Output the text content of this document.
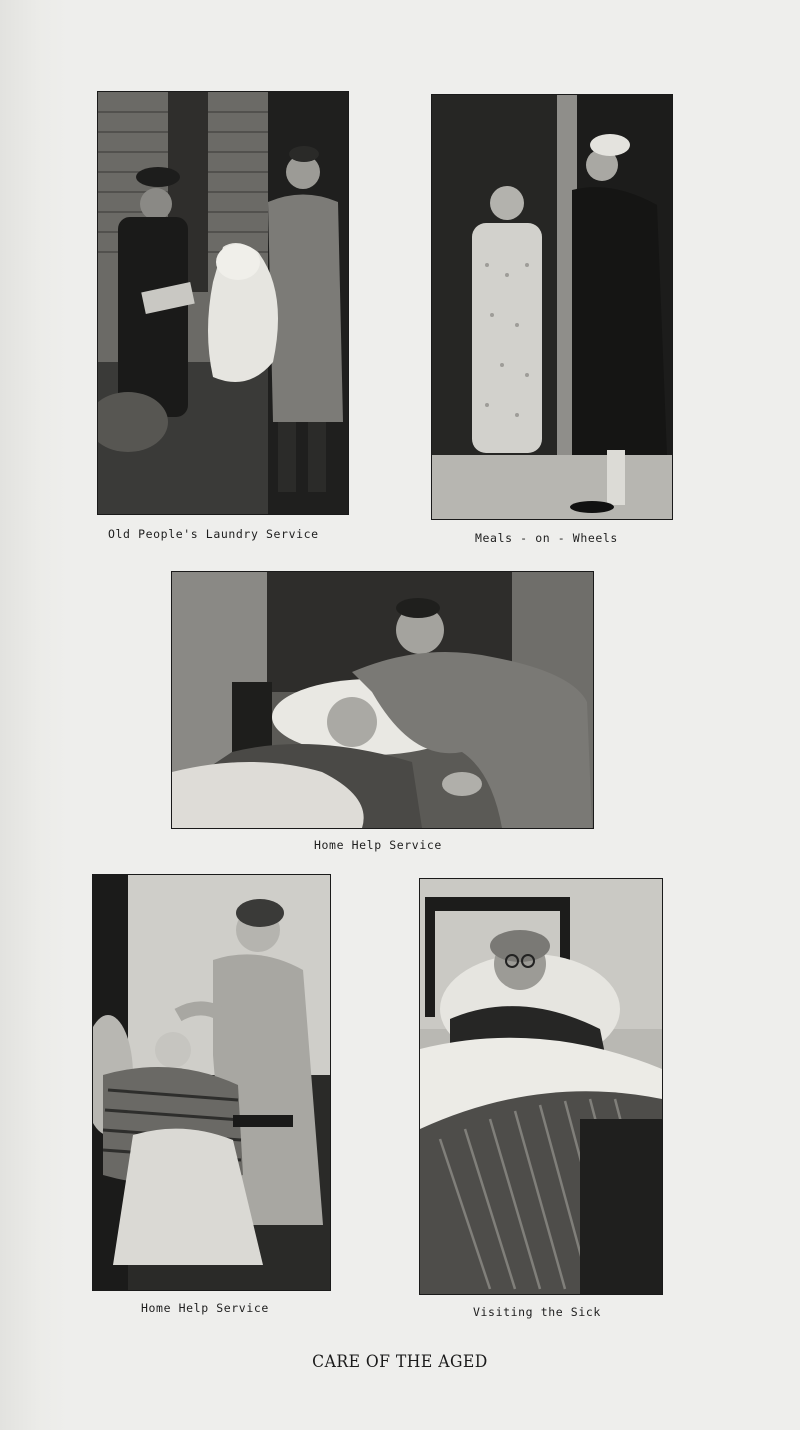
Old People's Laundry Service	Meals - on - Wheels
Home Help Service
Home Help Service	Visiting the Sick
CARE OF THE AGED
